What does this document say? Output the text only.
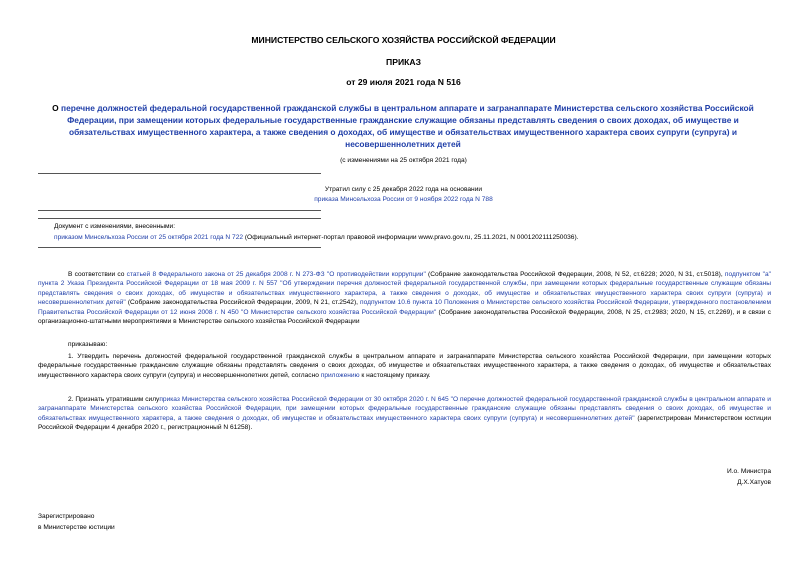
МИНИСТЕРСТВО СЕЛЬСКОГО ХОЗЯЙСТВА РОССИЙСКОЙ ФЕДЕРАЦИИ
ПРИКАЗ
от 29 июля 2021 года N 516
О перечне должностей федеральной государственной гражданской службы в центральном аппарате и загранаппарате Министерства сельского хозяйства Российской Федерации, при замещении которых федеральные государственные гражданские служащие обязаны представлять сведения о своих доходах, об имуществе и обязательствах имущественного характера, а также сведения о доходах, об имуществе и обязательствах имущественного характера своих супруги (супруга) и несовершеннолетних детей
(с изменениями на 25 октября 2021 года)
Утратил силу с 25 декабря 2022 года на основании
приказа Минсельхоза России от 9 ноября 2022 года N 788
Документ с изменениями, внесенными:
приказом Минсельхоза России от 25 октября 2021 года N 722 (Официальный интернет-портал правовой информации www.pravo.gov.ru, 25.11.2021, N 0001202111250036).
В соответствии со статьей 8 Федерального закона от 25 декабря 2008 г. N 273-ФЗ "О противодействии коррупции" (Собрание законодательства Российской Федерации, 2008, N 52, ст.6228; 2020, N 31, ст.5018), подпунктом "а" пункта 2 Указа Президента Российской Федерации от 18 мая 2009 г. N 557 "Об утверждении перечня должностей федеральной государственной службы, при замещении которых федеральные государственные служащие обязаны представлять сведения о своих доходах, об имуществе и обязательствах имущественного характера, а также сведения о доходах, об имуществе и обязательствах имущественного характера своих супруги (супруга) и несовершеннолетних детей" (Собрание законодательства Российской Федерации, 2009, N 21, ст.2542), подпунктом 10.6 пункта 10 Положения о Министерстве сельского хозяйства Российской Федерации, утвержденного постановлением Правительства Российской Федерации от 12 июня 2008 г. N 450 "О Министерстве сельского хозяйства Российской Федерации" (Собрание законодательства Российской Федерации, 2008, N 25, ст.2983; 2020, N 15, ст.2269), и в связи с организационно-штатными мероприятиями в Министерстве сельского хозяйства Российской Федерации
приказываю:
1. Утвердить перечень должностей федеральной государственной гражданской службы в центральном аппарате и загранаппарате Министерства сельского хозяйства Российской Федерации, при замещении которых федеральные государственные гражданские служащие обязаны представлять сведения о своих доходах, об имуществе и обязательствах имущественного характера, а также сведения о доходах, об имуществе и обязательствах имущественного характера своих супруги (супруга) и несовершеннолетних детей, согласно приложению к настоящему приказу.
2. Признать утратившим силуприказ Министерства сельского хозяйства Российской Федерации от 30 октября 2020 г. N 645 "О перечне должностей федеральной государственной гражданской службы в центральном аппарате и загранаппарате Министерства сельского хозяйства Российской Федерации, при замещении которых федеральные государственные гражданские служащие обязаны представлять сведения о своих доходах, об имуществе и обязательствах имущественного характера, а также сведения о доходах, об имуществе и обязательствах имущественного характера своих супруги (супруга) и несовершеннолетних детей" (зарегистрирован Министерством юстиции Российской Федерации 4 декабря 2020 г., регистрационный N 61258).
И.о. Министра
Д.Х.Хатуов
Зарегистрировано
в Министерстве юстиции
